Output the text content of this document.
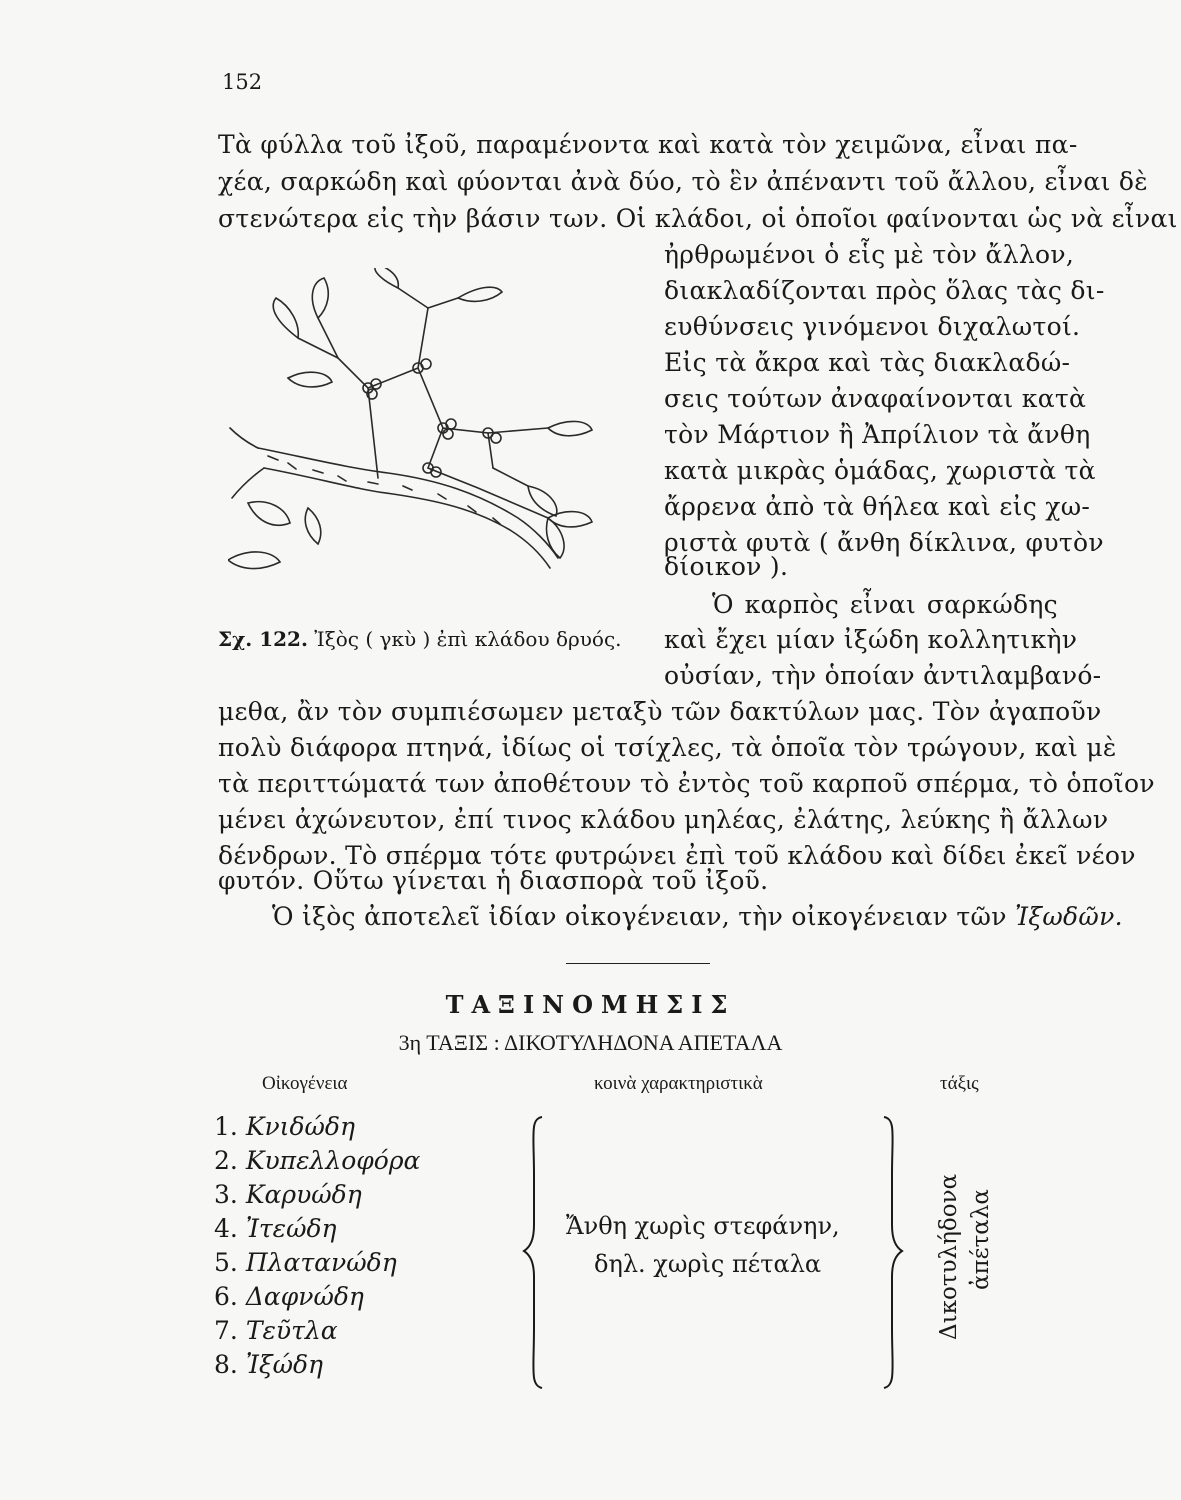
152
Τὰ φύλλα τοῦ ἰξοῦ, παραμένοντα καὶ κατὰ τὸν χειμῶνα, εἶναι πα-
χέα, σαρκώδη καὶ φύονται ἀνὰ δύο, τὸ ἓν ἀπέναντι τοῦ ἄλλου, εἶναι δὲ
στενώτερα εἰς τὴν βάσιν των. Οἱ κλάδοι, οἱ ὁποῖοι φαίνονται ὡς νὰ εἶναι
ἠρθρωμένοι ὁ εἷς μὲ τὸν ἄλλον,
διακλαδίζονται πρὸς ὅλας τὰς δι-
ευθύνσεις γινόμενοι διχαλωτοί.
Εἰς τὰ ἄκρα καὶ τὰς διακλαδώ-
σεις τούτων ἀναφαίνονται κατὰ
τὸν Μάρτιον ἢ Ἀπρίλιον τὰ ἄνθη
κατὰ μικρὰς ὁμάδας, χωριστὰ τὰ
ἄρρενα ἀπὸ τὰ θήλεα καὶ εἰς χω-
ριστὰ φυτὰ ( ἄνθη δίκλινα, φυτὸν
δίοικον ).
Ὁ καρπὸς εἶναι σαρκώδης
καὶ ἔχει μίαν ἰξώδη κολλητικὴν
οὐσίαν, τὴν ὁποίαν ἀντιλαμβανό-
Σχ. 122. Ἰξὸς ( γκὺ ) ἐπὶ κλάδου δρυός.
μεθα, ἂν τὸν συμπιέσωμεν μεταξὺ τῶν δακτύλων μας. Τὸν ἀγαποῦν
πολὺ διάφορα πτηνά, ἰδίως οἱ τσίχλες, τὰ ὁποῖα τὸν τρώγουν, καὶ μὲ
τὰ περιττώματά των ἀποθέτουν τὸ ἐντὸς τοῦ καρποῦ σπέρμα, τὸ ὁποῖον
μένει ἀχώνευτον, ἐπί τινος κλάδου μηλέας, ἐλάτης, λεύκης ἢ ἄλλων
δένδρων. Τὸ σπέρμα τότε φυτρώνει ἐπὶ τοῦ κλάδου καὶ δίδει ἐκεῖ νέον
φυτόν. Οὕτω γίνεται ἡ διασπορὰ τοῦ ἰξοῦ.
Ὁ ἰξὸς ἀποτελεῖ ἰδίαν οἰκογένειαν, τὴν οἰκογένειαν τῶν Ἰξωδῶν.
ΤΑΞΙΝΟΜΗΣΙΣ
3η ΤΑΞΙΣ : ΔΙΚΟΤΥΛΗΔΟΝΑ ΑΠΕΤΑΛΑ
Οἰκογένεια	κοινὰ χαρακτηριστικὰ	τάξις
1. Κνιδώδη
2. Κυπελλοφόρα
3. Καρυώδη
4. Ἰτεώδη
5. Πλατανώδη
6. Δαφνώδη
7. Τεῦτλα
8. Ἰξώδη
Ἄνθη χωρὶς στεφάνην,
δηλ. χωρὶς πέταλα	Δικοτυλήδονα ἀπέταλα
